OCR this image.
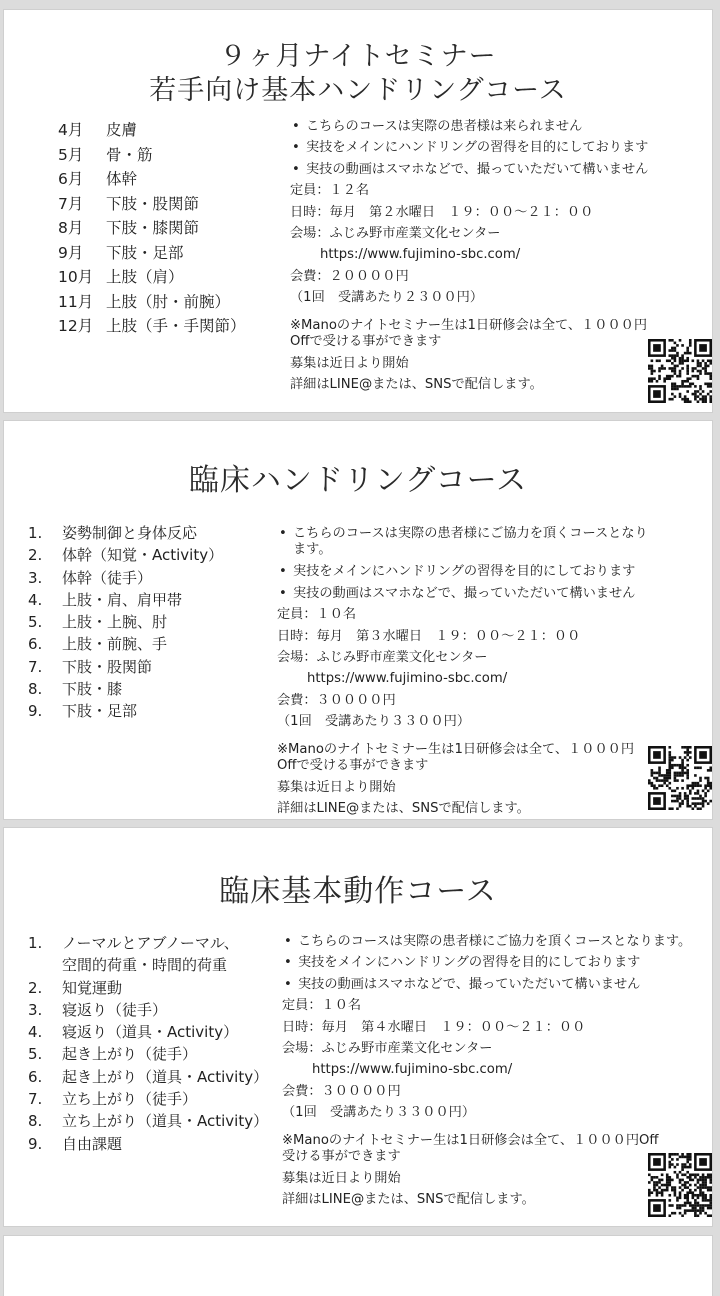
９ヶ月ナイトセミナー
若手向け基本ハンドリングコース
4月 皮膚
5月 骨・筋
6月 体幹
7月 下肢・股関節
8月 下肢・膝関節
9月 下肢・足部
10月 上肢（肩）
11月 上肢（肘・前腕）
12月 上肢（手・手関節）
• こちらのコースは実際の患者様は来られません
• 実技をメインにハンドリングの習得を目的にしております
• 実技の動画はスマホなどで、撮っていただいて構いません
定員：１２名
日時：毎月　第２水曜日　１９：００～２１：００
会場：ふじみ野市産業文化センター
https://www.fujimino-sbc.com/
会費：２００００円
（1回　受講あたり２３００円）
※Manoのナイトセミナー生は1日研修会は全て、１０００円
Offで受ける事ができます
募集は近日より開始
詳細はLINE@または、SNSで配信します。
臨床ハンドリングコース
1.	姿勢制御と身体反応
2.	体幹（知覚・Activity）
3.	体幹（徒手）
4.	上肢・肩、肩甲帯
5.	上肢・上腕、肘
6.	上肢・前腕、手
7.	下肢・股関節
8.	下肢・膝
9.	下肢・足部
• こちらのコースは実際の患者様にご協力を頂くコースとなり
ます。
• 実技をメインにハンドリングの習得を目的にしております
• 実技の動画はスマホなどで、撮っていただいて構いません
定員：１０名
日時：毎月　第３水曜日　１９：００～２１：００
会場：ふじみ野市産業文化センター
https://www.fujimino-sbc.com/
会費：３００００円
（1回　受講あたり３３００円）
※Manoのナイトセミナー生は1日研修会は全て、１０００円
Offで受ける事ができます
募集は近日より開始
詳細はLINE@または、SNSで配信します。
臨床基本動作コース
1.	ノーマルとアブノーマル、
空間的荷重・時間的荷重
2.	知覚運動
3.	寝返り（徒手）
4.	寝返り（道具・Activity）
5.	起き上がり（徒手）
6.	起き上がり（道具・Activity）
7.	立ち上がり（徒手）
8.	立ち上がり（道具・Activity）
9.	自由課題
• こちらのコースは実際の患者様にご協力を頂くコースとなります。
• 実技をメインにハンドリングの習得を目的にしております
• 実技の動画はスマホなどで、撮っていただいて構いません
定員：１０名
日時：毎月　第４水曜日　１９：００～２１：００
会場：ふじみ野市産業文化センター
https://www.fujimino-sbc.com/
会費：３００００円
（1回　受講あたり３３００円）
※Manoのナイトセミナー生は1日研修会は全て、１０００円Off
受ける事ができます
募集は近日より開始
詳細はLINE@または、SNSで配信します。
